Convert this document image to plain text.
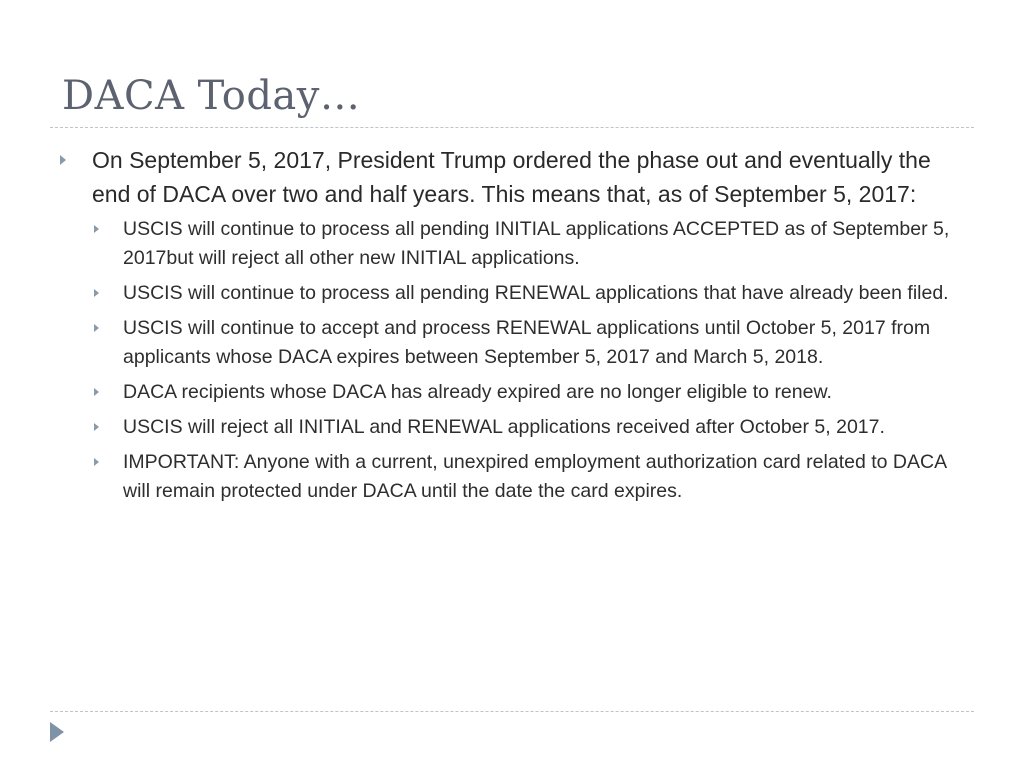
DACA Today…
On September 5, 2017, President Trump ordered the phase out and eventually the end of DACA over two and half years. This means that, as of September 5, 2017:
USCIS will continue to process all pending INITIAL applications ACCEPTED as of September 5, 2017but will reject all other new INITIAL applications.
USCIS will continue to process all pending RENEWAL applications that have already been filed.
USCIS will continue to accept and process RENEWAL applications until October 5, 2017 from applicants whose DACA expires between September 5, 2017 and March 5, 2018.
DACA recipients whose DACA has already expired are no longer eligible to renew.
USCIS will reject all INITIAL and RENEWAL applications received after October 5, 2017.
IMPORTANT: Anyone with a current, unexpired employment authorization card related to DACA will remain protected under DACA until the date the card expires.
